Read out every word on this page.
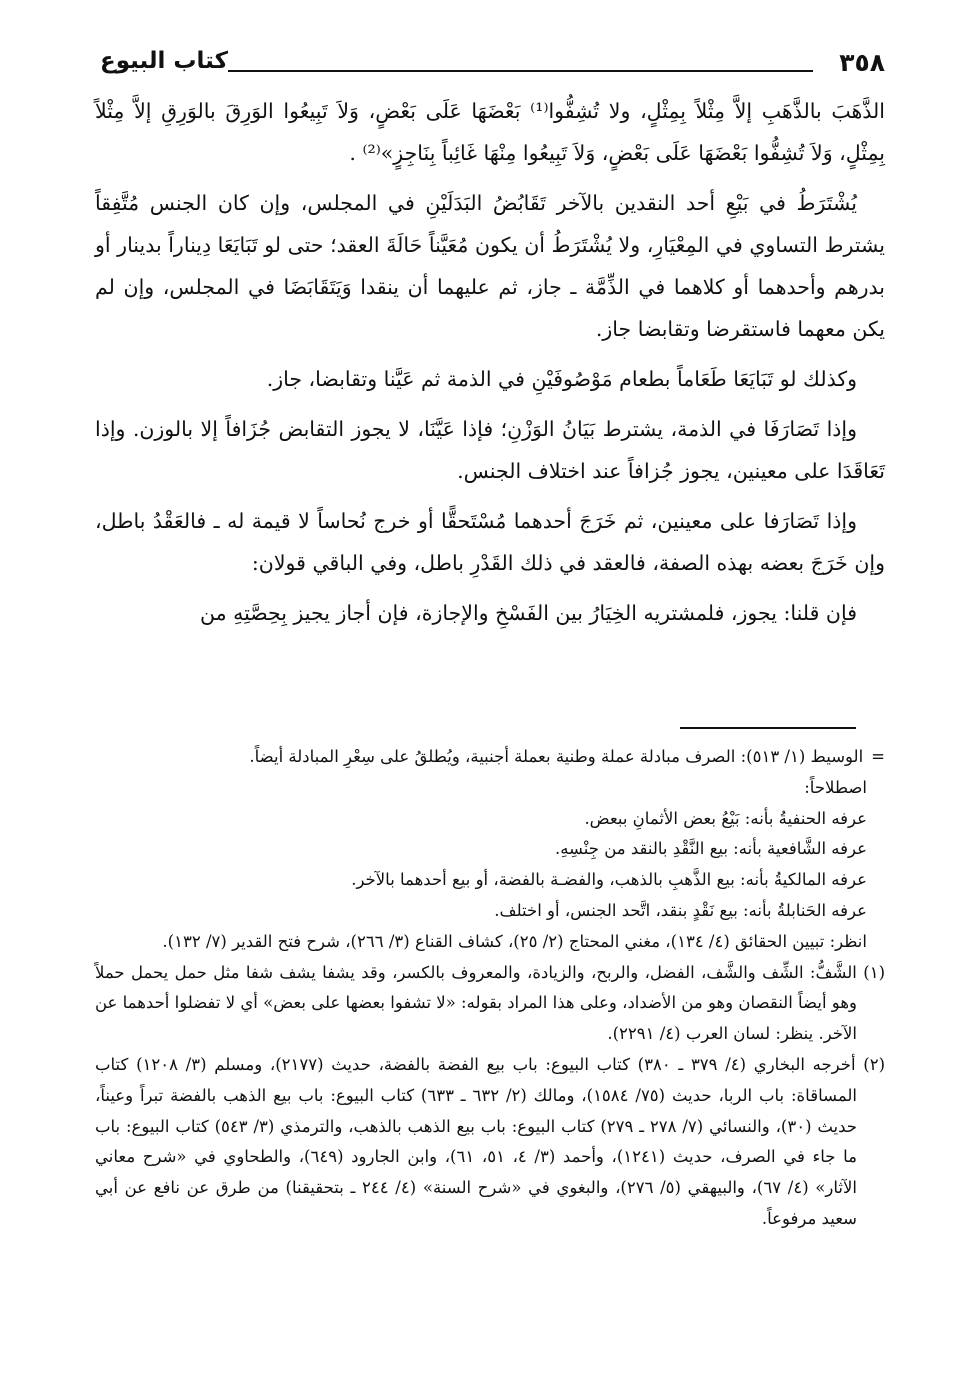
٣٥٨
كتاب البيوع

الذَّهَبَ بالذَّهَبِ إلاَّ مِثْلاً بِمِثْلٍ، ولا تُشِفُّوا⁽¹⁾ بَعْضَهَا عَلَى بَعْضٍ، وَلاَ تَبِيعُوا الوَرِقَ بالوَرِقِ إلاَّ مِثْلاً بِمِثْلٍ، وَلاَ تُشِفُّوا بَعْضَهَا عَلَى بَعْضٍ، وَلاَ تَبِيعُوا مِنْهَا غَائِباً بِنَاجِزٍ»⁽²⁾ .

يُشْتَرَطُ في بَيْعِ أحد النقدين بالآخر تَقَابُضُ البَدَلَيْنِ في المجلس، وإن كان الجنس مُتَّفِقاً يشترط التساوي في المِعْيَارِ، ولا يُشْتَرَطُ أن يكون مُعَيَّناً حَالَةَ العقد؛ حتى لو تَبَايَعَا دِيناراً بدينار أو بدرهم وأحدهما أو كلاهما في الذِّمَّة ـ جاز، ثم عليهما أن ينقدا وَيَتَقَابَضَا في المجلس، وإن لم يكن معهما فاستقرضا وتقابضا جاز.

وكذلك لو تَبَايَعَا طَعَاماً بطعام مَوْصُوفَيْنِ في الذمة ثم عَيَّنا وتقابضا، جاز.

وإذا تَصَارَفَا في الذمة، يشترط بَيَانُ الوَزْنِ؛ فإذا عَيَّنَا، لا يجوز التقابض جُزَافاً إلا بالوزن. وإذا تَعَاقَدَا على معينين، يجوز جُزافاً عند اختلاف الجنس.

وإذا تَصَارَفا على معينين، ثم خَرَجَ أحدهما مُسْتَحقًّا أو خرج نُحاساً لا قيمة له ـ فالعَقْدُ باطل، وإن خَرَجَ بعضه بهذه الصفة، فالعقد في ذلك القَدْرِ باطل، وفي الباقي قولان:

فإن قلنا: يجوز، فلمشتريه الخِيَارُ بين الفَسْخِ والإجازة، فإن أجاز يجيز بِحِصَّتِهِ من

=الوسيط (١/ ٥١٣): الصرف مبادلة عملة وطنية بعملة أجنبية، ويُطلقُ على سِعْرِ المبادلة أيضاً.
اصطلاحاً:
عرفه الحنفيةُ بأنه: بَيْعُ بعض الأثمانِ ببعض.
عرفه الشَّافعية بأنه: بيع النَّقْدِ بالنقد من جِنْسِهِ.
عرفه المالكيةُ بأنه: بيع الذَّهبِ بالذهب، والفضـة بالفضة، أو بيع أحدهما بالآخر.
عرفه الحَنابلةُ بأنه: بيع نَقْدٍ بنقد، اتَّحد الجنس، أو اختلف.
انظر: تبيين الحقائق (٤/ ١٣٤)، مغني المحتاج (٢/ ٢٥)، كشاف القناع (٣/ ٢٦٦)، شرح فتح القدير (٧/ ١٣٢).
(١) الشَّفُّ: الشِّف والشَّف، الفضل، والربح، والزيادة، والمعروف بالكسر، وقد يشفا يشف شفا مثل حمل يحمل حملاً وهو أيضاً النقصان وهو من الأضداد، وعلى هذا المراد بقوله: «لا تشفوا بعضها على بعض» أي لا تفضلوا أحدهما عن الآخر. ينظر: لسان العرب (٤/ ٢٢٩١).
(٢) أخرجه البخاري (٤/ ٣٧٩ ـ ٣٨٠) كتاب البيوع: باب بيع الفضة بالفضة، حديث (٢١٧٧)، ومسلم (٣/ ١٢٠٨) كتاب المساقاة: باب الربا، حديث (٧٥/ ١٥٨٤)، ومالك (٢/ ٦٣٢ ـ ٦٣٣) كتاب البيوع: باب بيع الذهب بالفضة تبراً وعيناً، حديث (٣٠)، والنسائي (٧/ ٢٧٨ ـ ٢٧٩) كتاب البيوع: باب بيع الذهب بالذهب، والترمذي (٣/ ٥٤٣) كتاب البيوع: باب ما جاء في الصرف، حديث (١٢٤١)، وأحمد (٣/ ٤، ٥١، ٦١)، وابن الجارود (٦٤٩)، والطحاوي في «شرح معاني الآثار» (٤/ ٦٧)، والبيهقي (٥/ ٢٧٦)، والبغوي في «شرح السنة» (٤/ ٢٤٤ ـ بتحقيقنا) من طرق عن نافع عن أبي سعيد مرفوعاً.
